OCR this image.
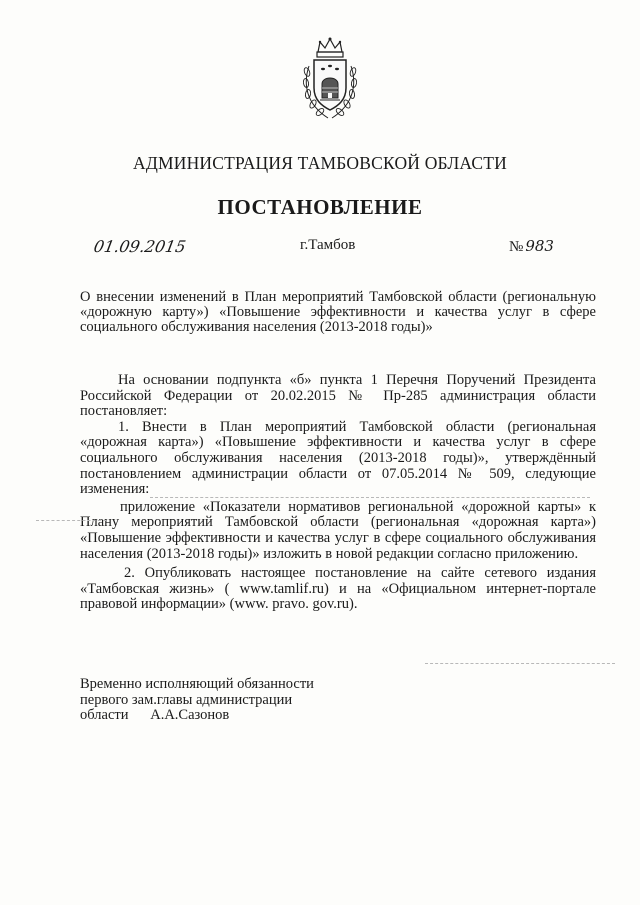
АДМИНИСТРАЦИЯ ТАМБОВСКОЙ ОБЛАСТИ
ПОСТАНОВЛЕНИЕ
01.09.2015	г.Тамбов	№ 983
О внесении изменений в План мероприятий Тамбовской области (региональную «дорожную карту») «Повышение эффективности и качества услуг в сфере социального обслуживания населения (2013-2018 годы)»

На основании подпункта «б» пункта 1 Перечня Поручений Президента Российской Федерации от 20.02.2015 № Пр-285 администрация области постановляет:

1. Внести в План мероприятий Тамбовской области (региональная «дорожная карта») «Повышение эффективности и качества услуг в сфере социального обслуживания населения (2013-2018 годы)», утверждённый постановлением администрации области от 07.05.2014 № 509, следующие изменения:

приложение «Показатели нормативов региональной «дорожной карты» к Плану мероприятий Тамбовской области (региональная «дорожная карта») «Повышение эффективности и качества услуг в сфере социального обслуживания населения (2013-2018 годы)» изложить в новой редакции согласно приложению.

2. Опубликовать настоящее постановление на сайте сетевого издания «Тамбовская жизнь» ( www.tamlif.ru) и на «Официальном интернет-портале правовой информации» (www. pravo. gov.ru).

Временно исполняющий обязанности
первого зам.главы администрации
области А.А.Сазонов
